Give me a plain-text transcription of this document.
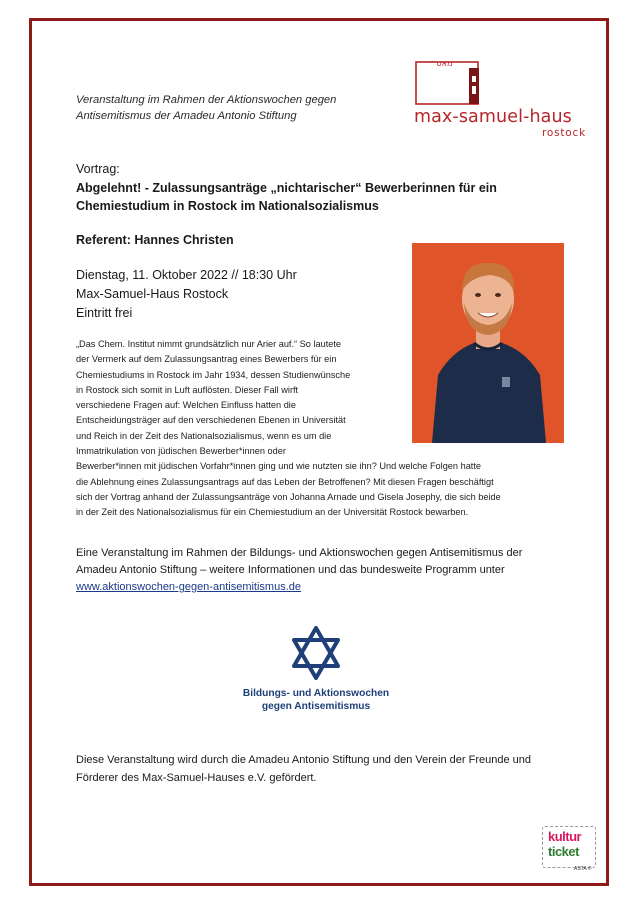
Veranstaltung im Rahmen der Aktionswochen gegen
Antisemitismus der Amadeu Antonio Stiftung
ˉ מאס
max-samuel-haus
rostock
Vortrag:
Abgelehnt! - Zulassungsanträge „nichtarischer“ Bewerberinnen für ein
Chemiestudium in Rostock im Nationalsozialismus
Referent: Hannes Christen
Dienstag, 11. Oktober 2022 // 18:30 Uhr
Max-Samuel-Haus Rostock
Eintritt frei
„Das Chem. Institut nimmt grundsätzlich nur Arier auf.“ So lautete
der Vermerk auf dem Zulassungsantrag eines Bewerbers für ein
Chemiestudiums in Rostock im Jahr 1934, dessen Studienwünsche
in Rostock sich somit in Luft auflösten. Dieser Fall wirft
verschiedene Fragen auf: Welchen Einfluss hatten die
Entscheidungsträger auf den verschiedenen Ebenen in Universität
und Reich in der Zeit des Nationalsozialismus, wenn es um die
Immatrikulation von jüdischen Bewerber*innen oder
Bewerber*innen mit jüdischen Vorfahr*innen ging und wie nutzten sie ihn? Und welche Folgen hatte
die Ablehnung eines Zulassungsantrags auf das Leben der Betroffenen? Mit diesen Fragen beschäftigt
sich der Vortrag anhand der Zulassungsanträge von Johanna Arnade und Gisela Josephy, die sich beide
in der Zeit des Nationalsozialismus für ein Chemiestudium an der Universität Rostock bewarben.
Eine Veranstaltung im Rahmen der Bildungs- und Aktionswochen gegen Antisemitismus der
Amadeu Antonio Stiftung – weitere Informationen und das bundesweite Programm unter
www.aktionswochen-gegen-antisemitismus.de
Bildungs- und Aktionswochen
gegen Antisemitismus
Diese Veranstaltung wird durch die Amadeu Antonio Stiftung und den Verein der Freunde und
Förderer des Max-Samuel-Hauses e.V. gefördert.
kultur
ticket
ASTA ©
